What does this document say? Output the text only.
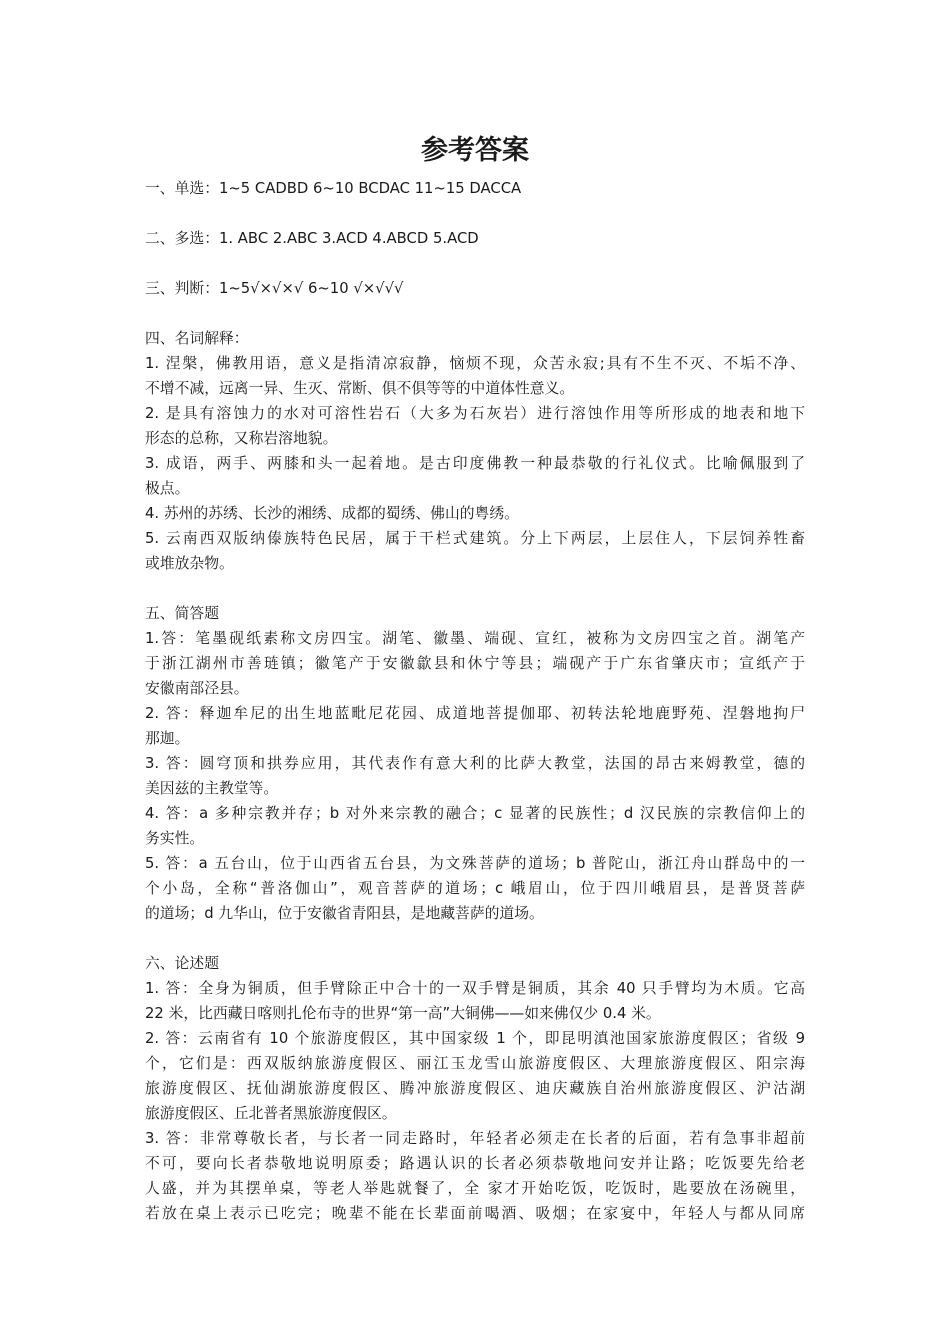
参考答案
一、单选：1~5 CADBD 6~10 BCDAC 11~15 DACCA
二、多选：1. ABC 2.ABC 3.ACD 4.ABCD 5.ACD
三、判断：1~5√×√×√ 6~10 √×√√√
四、名词解释：
1. 涅槃，佛教用语，意义是指清凉寂静，恼烦不现，众苦永寂;具有不生不灭、不垢不净、
不增不减，远离一异、生灭、常断、俱不俱等等的中道体性意义。
2. 是具有溶蚀力的水对可溶性岩石（大多为石灰岩）进行溶蚀作用等所形成的地表和地下
形态的总称，又称岩溶地貌。
3. 成语，两手、两膝和头一起着地。是古印度佛教一种最恭敬的行礼仪式。比喻佩服到了
极点。
4. 苏州的苏绣、长沙的湘绣、成都的蜀绣、佛山的粤绣。
5. 云南西双版纳傣族特色民居，属于干栏式建筑。分上下两层，上层住人，下层饲养牲畜
或堆放杂物。
五、简答题
1.答：笔墨砚纸素称文房四宝。湖笔、徽墨、端砚、宣红，被称为文房四宝之首。湖笔产
于浙江湖州市善琏镇；徽笔产于安徽歙县和休宁等县；端砚产于广东省肇庆市；宣纸产于
安徽南部泾县。
2. 答：释迦牟尼的出生地蓝毗尼花园、成道地菩提伽耶、初转法轮地鹿野苑、涅磐地拘尸
那迦。
3. 答：圆穹顶和拱券应用，其代表作有意大利的比萨大教堂，法国的昂古来姆教堂，德的
美因兹的主教堂等。
4. 答：a 多种宗教并存；b 对外来宗教的融合；c 显著的民族性；d 汉民族的宗教信仰上的
务实性。
5. 答：a 五台山，位于山西省五台县，为文殊菩萨的道场；b 普陀山，浙江舟山群岛中的一
个小岛，全称“普洛伽山”，观音菩萨的道场；c 峨眉山，位于四川峨眉县，是普贤菩萨
的道场；d 九华山，位于安徽省青阳县，是地藏菩萨的道场。
六、论述题
1. 答：全身为铜质，但手臂除正中合十的一双手臂是铜质，其余 40 只手臂均为木质。它高
22 米，比西藏日喀则扎伦布寺的世界“第一高”大铜佛——如来佛仅少 0.4 米。
2. 答：云南省有 10 个旅游度假区，其中国家级 1 个，即昆明滇池国家旅游度假区；省级 9
个，它们是：西双版纳旅游度假区、丽江玉龙雪山旅游度假区、大理旅游度假区、阳宗海
旅游度假区、抚仙湖旅游度假区、腾冲旅游度假区、迪庆藏族自治州旅游度假区、沪沽湖
旅游度假区、丘北普者黑旅游度假区。
3. 答：非常尊敬长者，与长者一同走路时，年轻者必须走在长者的后面，若有急事非超前
不可，要向长者恭敬地说明原委；路遇认识的长者必须恭敬地问安并让路；吃饭要先给老
人盛，并为其摆单桌，等老人举匙就餐了，全 家才开始吃饭，吃饭时，匙要放在汤碗里，
若放在桌上表示已吃完；晚辈不能在长辈面前喝酒、吸烟；在家宴中，年轻人与都从同席
